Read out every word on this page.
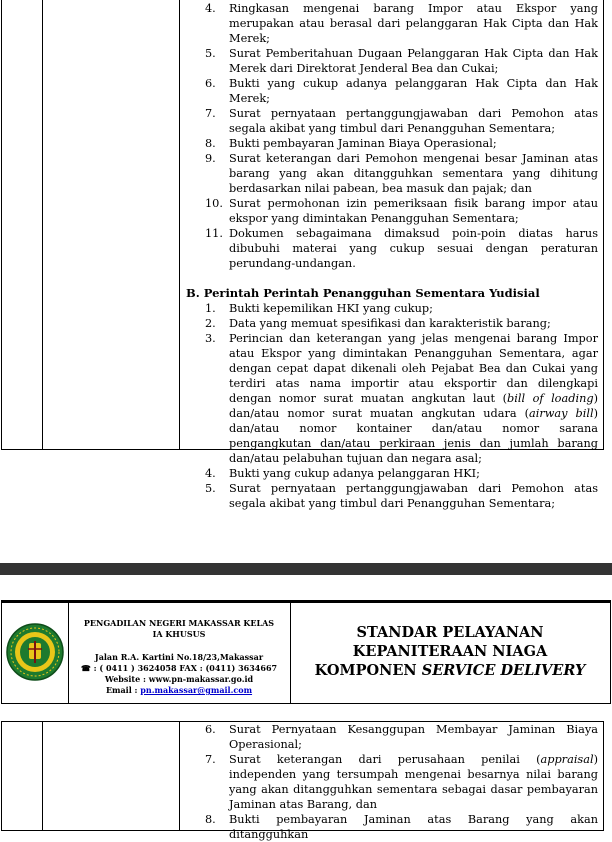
4. Ringkasan mengenai barang Impor atau Ekspor yang merupakan atau berasal dari pelanggaran Hak Cipta dan Hak Merek;
5. Surat Pemberitahuan Dugaan Pelanggaran Hak Cipta dan Hak Merek dari Direktorat Jenderal Bea dan Cukai;
6. Bukti yang cukup adanya pelanggaran Hak Cipta dan Hak Merek;
7. Surat pernyataan pertanggungjawaban dari Pemohon atas segala akibat yang timbul dari Penangguhan Sementara;
8. Bukti pembayaran Jaminan Biaya Operasional;
9. Surat keterangan dari Pemohon mengenai besar Jaminan atas barang yang akan ditangguhkan sementara yang dihitung berdasarkan nilai pabean, bea masuk dan pajak; dan
10. Surat permohonan izin pemeriksaan fisik barang impor atau ekspor yang dimintakan Penangguhan Sementara;
11. Dokumen sebagaimana dimaksud poin-poin diatas harus dibubuhi materai yang cukup sesuai dengan peraturan perundang-undangan.

B. Perintah Perintah Penangguhan Sementara Yudisial

1. Bukti kepemilikan HKI yang cukup;
2. Data yang memuat spesifikasi dan karakteristik barang;
3. Perincian dan keterangan yang jelas mengenai barang Impor atau Ekspor yang dimintakan Penangguhan Sementara, agar dengan cepat dapat dikenali oleh Pejabat Bea dan Cukai yang terdiri atas nama importir atau eksportir dan dilengkapi dengan nomor surat muatan angkutan laut (bill of loading) dan/atau nomor surat muatan angkutan udara (airway bill) dan/atau nomor kontainer dan/atau nomor sarana pengangkutan dan/atau perkiraan jenis dan jumlah barang dan/atau pelabuhan tujuan dan negara asal;
4. Bukti yang cukup adanya pelanggaran HKI;
5. Surat pernyataan pertanggungjawaban dari Pemohon atas segala akibat yang timbul dari Penangguhan Sementara;
PENGADILAN NEGERI MAKASSAR KELAS IA KHUSUS
Jalan R.A. Kartini No.18/23,Makassar
☎ : ( 0411 ) 3624058 FAX : (0411) 3634667
Website : www.pn-makassar.go.id
Email : pn.makassar@gmail.com
STANDAR PELAYANAN
KEPANITERAAN NIAGA
KOMPONEN SERVICE DELIVERY
6. Surat Pernyataan Kesanggupan Membayar Jaminan Biaya Operasional;
7. Surat keterangan dari perusahaan penilai (appraisal) independen yang tersumpah mengenai besarnya nilai barang yang akan ditangguhkan sementara sebagai dasar pembayaran Jaminan atas Barang, dan
8. Bukti pembayaran Jaminan atas Barang yang akan ditangguhkan
